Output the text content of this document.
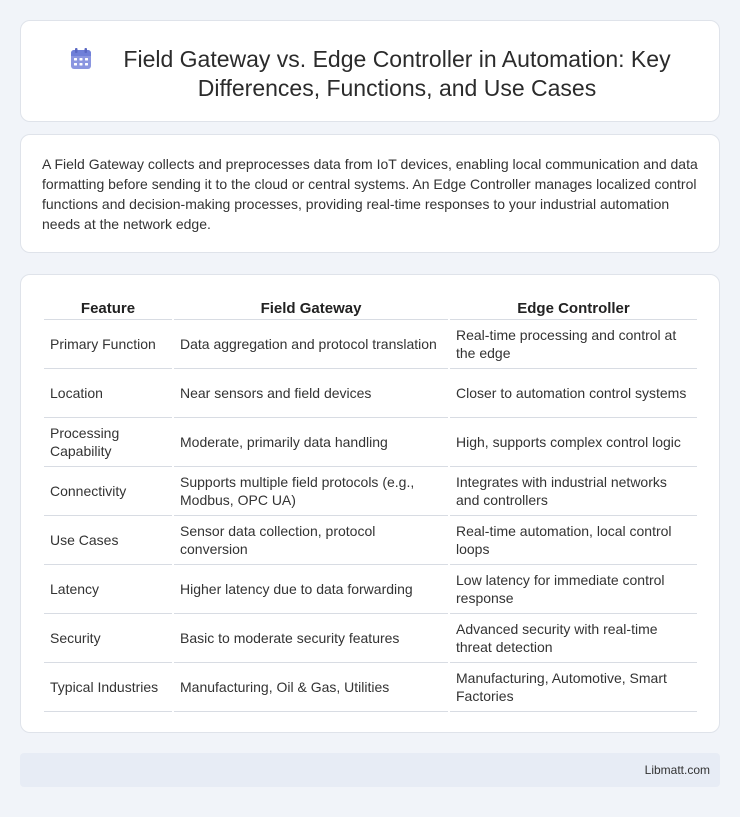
Field Gateway vs. Edge Controller in Automation: Key Differences, Functions, and Use Cases

A Field Gateway collects and preprocesses data from IoT devices, enabling local communication and data formatting before sending it to the cloud or central systems. An Edge Controller manages localized control functions and decision-making processes, providing real-time responses to your industrial automation needs at the network edge.

Feature	Field Gateway	Edge Controller
Primary Function	Data aggregation and protocol translation	Real-time processing and control at the edge
Location	Near sensors and field devices	Closer to automation control systems
Processing Capability	Moderate, primarily data handling	High, supports complex control logic
Connectivity	Supports multiple field protocols (e.g., Modbus, OPC UA)	Integrates with industrial networks and controllers
Use Cases	Sensor data collection, protocol conversion	Real-time automation, local control loops
Latency	Higher latency due to data forwarding	Low latency for immediate control response
Security	Basic to moderate security features	Advanced security with real-time threat detection
Typical Industries	Manufacturing, Oil & Gas, Utilities	Manufacturing, Automotive, Smart Factories
Libmatt.com
